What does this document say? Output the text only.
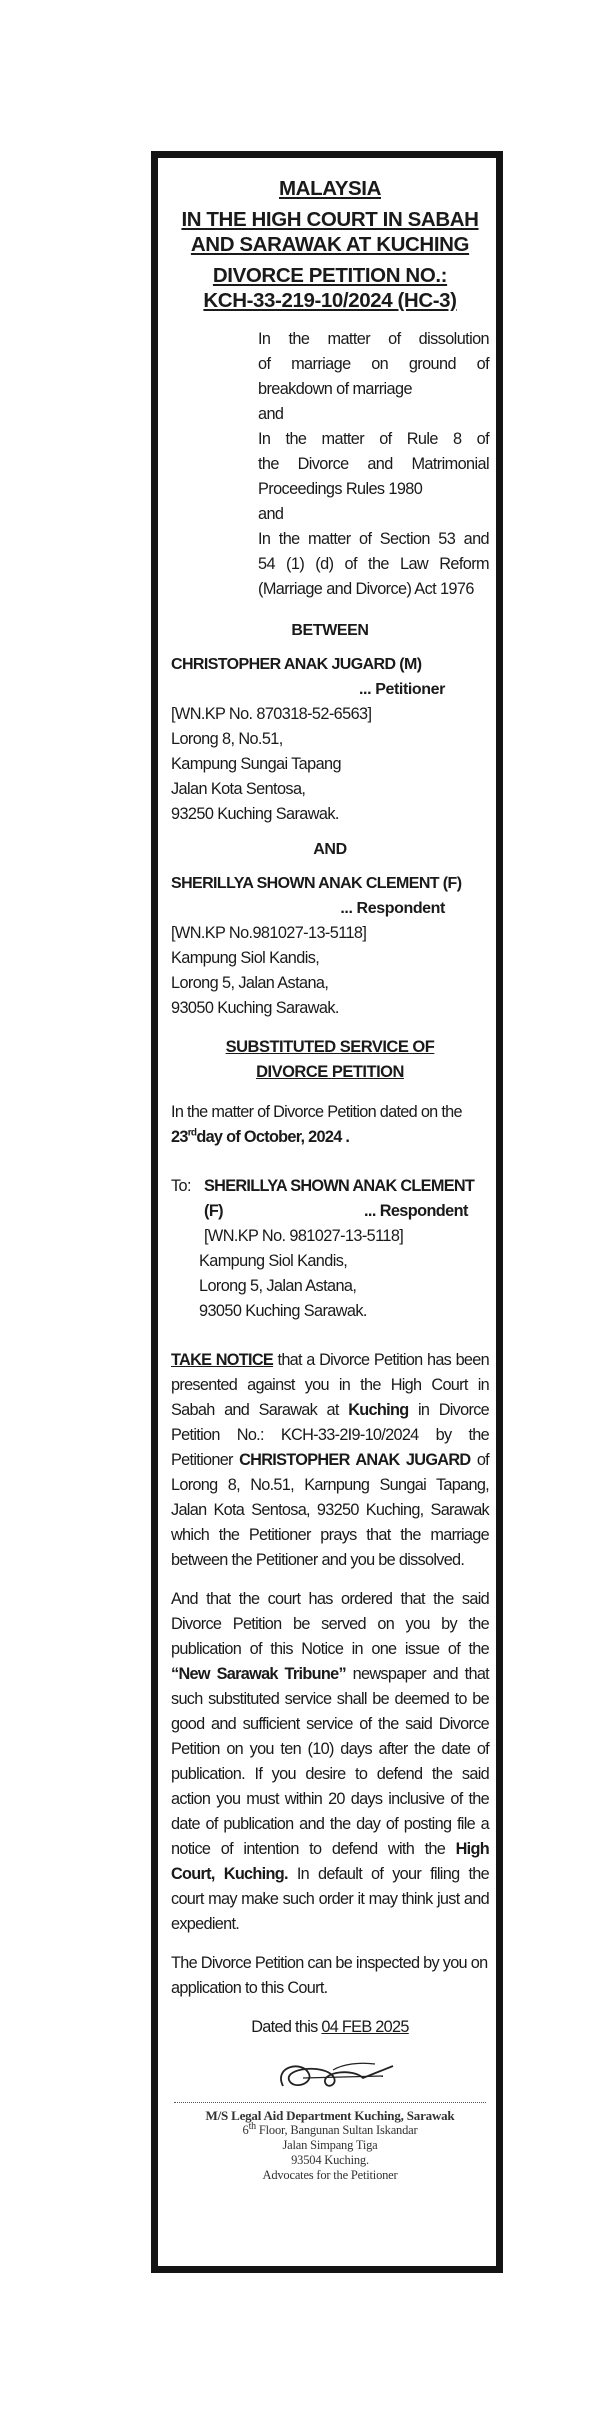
MALAYSIA
IN THE HIGH COURT IN SABAH
AND SARAWAK AT KUCHING
DIVORCE PETITION NO.:
KCH-33-219-10/2024 (HC-3)
In the matter of dissolution
of marriage on ground of
breakdown of marriage
and
In the matter of Rule 8 of
the Divorce and Matrimonial
Proceedings Rules 1980
and
In the matter of Section 53 and
54 (1) (d) of the Law Reform
(Marriage and Divorce) Act 1976
BETWEEN
CHRISTOPHER ANAK JUGARD (M)
... Petitioner
[WN.KP No. 870318-52-6563]
Lorong 8, No.51,
Kampung Sungai Tapang
Jalan Kota Sentosa,
93250 Kuching Sarawak.
AND
SHERILLYA SHOWN ANAK CLEMENT (F)
... Respondent
[WN.KP No.981027-13-5118]
Kampung Siol Kandis,
Lorong 5, Jalan Astana,
93050 Kuching Sarawak.
SUBSTITUTED SERVICE OF
DIVORCE PETITION
In the matter of Divorce Petition dated on the
23rdday of October, 2024 .
To: SHERILLYA SHOWN ANAK CLEMENT
(F)	... Respondent
[WN.KP No. 981027-13-5118]
Kampung Siol Kandis,
Lorong 5, Jalan Astana,
93050 Kuching Sarawak.
TAKE NOTICE that a Divorce Petition has been presented against you in the High Court in Sabah and Sarawak at Kuching in Divorce Petition No.: KCH-33-2I9-10/2024 by the Petitioner CHRISTOPHER ANAK JUGARD of Lorong 8, No.51, Karnpung Sungai Tapang, Jalan Kota Sentosa, 93250 Kuching, Sarawak which the Petitioner prays that the marriage between the Petitioner and you be dissolved.
And that the court has ordered that the said Divorce Petition be served on you by the publication of this Notice in one issue of the “New Sarawak Tribune” newspaper and that such substituted service shall be deemed to be good and sufficient service of the said Divorce Petition on you ten (10) days after the date of publication. If you desire to defend the said action you must within 20 days inclusive of the date of publication and the day of posting file a notice of intention to defend with the High Court, Kuching. In default of your filing the court may make such order it may think just and expedient.
The Divorce Petition can be inspected by you on application to this Court.
Dated this 04 FEB 2025
M/S Legal Aid Department Kuching, Sarawak
6th Floor, Bangunan Sultan Iskandar
Jalan Simpang Tiga
93504 Kuching.
Advocates for the Petitioner
